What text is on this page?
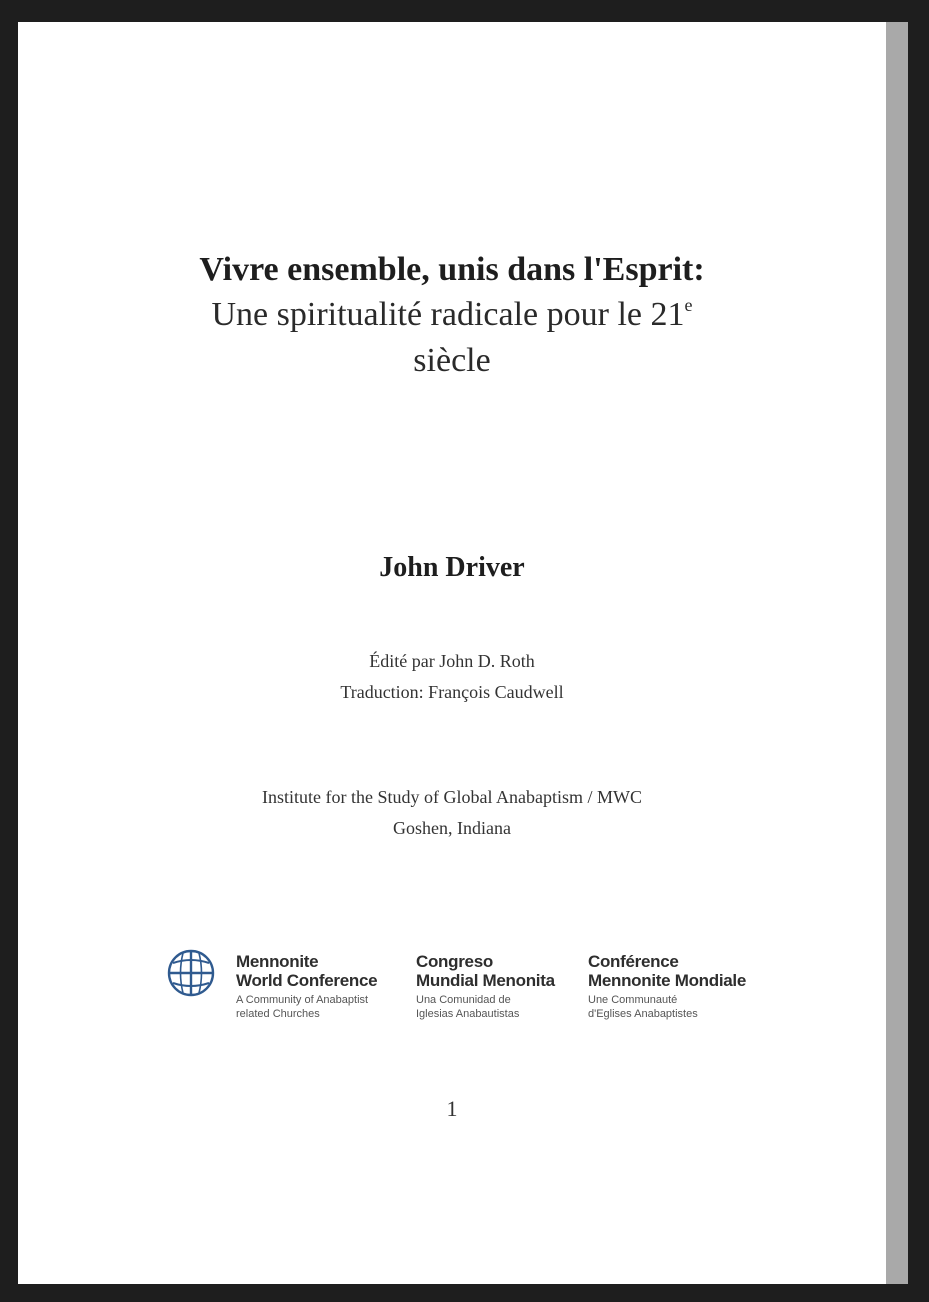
Vivre ensemble, unis dans l'Esprit:
Une spiritualité radicale pour le 21e
siècle
John Driver
Édité par John D. Roth
Traduction: François Caudwell
Institute for the Study of Global Anabaptism / MWC
Goshen, Indiana
Mennonite
World Conference
A Community of Anabaptist
related Churches
Congreso
Mundial Menonita
Una Comunidad de
Iglesias Anabautistas
Conférence
Mennonite Mondiale
Une Communauté
d'Eglises Anabaptistes
1
